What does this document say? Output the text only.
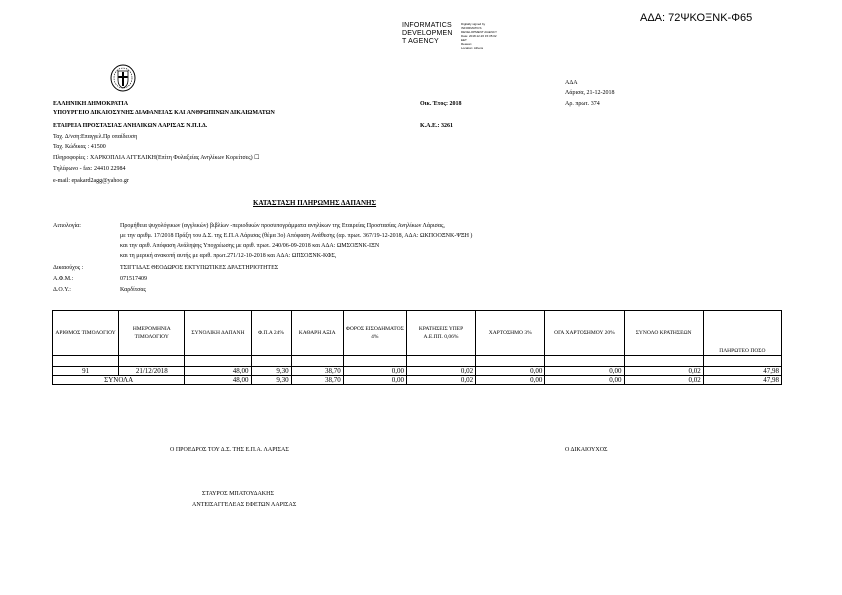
ΑΔΑ: 72ΨΚΟΞΝΚ-Φ65
INFORMATICS
DEVELOPMEN
T AGENCY
Digitally signed by
INFORMATICS
DEVELOPMENT AGENCY
Date: 2018.12.26 15:35:02
EET
Reason:
Location: Athens
ΕΛΛΗΝΙΚΗ ΔΗΜΟΚΡΑΤΙΑ
ΥΠΟΥΡΓΕΙΟ ΔΙΚΑΙΟΣΥΝΗΣ ΔΙΑΦΑΝΕΙΑΣ ΚΑΙ ΑΝΘΡΩΠΙΝΩΝ ΔΙΚΑΙΩΜΑΤΩΝ
ΕΤΑΙΡΕΙΑ ΠΡΟΣΤΑΣΙΑΣ ΑΝΗΛΙΚΩΝ ΛΑΡΙΣΑΣ Ν.Π.Ι.Δ.
Ταχ. Δ/νση:Επαγγελ.Πρ οπαίδευση
Ταχ. Κώδικας : 41500
Πληροφορίες : ΧΑΡΚΟΠΛΙΑ ΑΓΓΕΛΙΚΗ(Επίτη Φυλαξείας Ανηλίκων Κορείτσες) ☐
Τηλέφωνο - fax: 24410 22984
e-mail: epakard2agg@yahoo.gr
Οικ. Έτος: 2018
Κ.Α.Ε.: 3261
ΑΔΑ
Λάρισα, 21-12-2018
Αρ. πρωτ. 374
ΚΑΤΑΣΤΑΣΗ ΠΛΗΡΩΜΗΣ ΔΑΠΑΝΗΣ
Αιτιολογία:	Προμήθεια ψυχολόγικων (αγγλικών) βιβλίων -περιοδικών προσυπογράμματα ανηλίκων της Εταιρείας Προστασίας Ανηλίκων Λάρισας,
με την αριθμ. 17/2018 Πράξη του Δ.Σ. της Ε.Π.Α Λάρισας (θέμα 3ο) Απόφαση Ανάθεσης (αρ. πρωτ. 367/19-12-2018, ΑΔΑ: ΩΚΠΟΟΞΝΚ-ΨΞΗ )
και την αριθ. Απόφαση Ανάληψης Υποχρέωσης με αριθ. πρωτ. 240/06-09-2018 και ΑΔΑ: ΩΜΣΟΞΝΚ-ΙΞΝ
και τη μερική ανακοπή αυτής με αριθ. πρωτ.271/12-10-2018 και ΑΔΑ: ΩΠΣΟΞΝΚ-ΚΦΣ,
Δικαιούχος :	ΤΣΙΓΓΙΔΑΣ ΘΕΟΔΩΡΟΣ ΕΚΤΥΠΩΤΙΚΕΣ ΔΡΑΣΤΗΡΙΟΤΗΤΕΣ
Α.Φ.Μ.:	071517409
Δ.Ο.Υ.:	Καρδίτσας
ΑΡΙΘΜΟΣ ΤΙΜΟΛΟΓΙΟΥ	ΗΜΕΡΟΜΗΝΙΑ ΤΙΜΟΛΟΓΙΟΥ	ΣΥΝΟΛΙΚΗ ΔΑΠΑΝΗ	Φ.Π.Α 24%	ΚΑΘΑΡΗ ΑΞΙΑ	ΦΟΡΟΣ ΕΙΣΟΔΗΜΑΤΟΣ 4%	ΚΡΑΤΗΣΕΙΣ ΥΠΕΡ Α.Ε.ΠΠ. 0,06%	ΧΑΡΤΟΣΗΜΟ 3%	ΟΓΑ ΧΑΡΤΟΣΗΜΟΥ 20%	ΣΥΝΟΛΟ ΚΡΑΤΗΣΕΩΝ	ΠΛΗΡΩΤΕΟ ΠΟΣΟ

91	21/12/2018	48,00	9,30	38,70	0,00	0,02	0,00	0,00	0,02	47,98
ΣΥΝΟΛΑ		48,00	9,30	38,70	0,00	0,02	0,00	0,00	0,02	47,98
Ο ΠΡΟΕΔΡΟΣ ΤΟΥ Δ.Σ. ΤΗΣ Ε.Π.Α. ΛΑΡΙΣΑΣ	Ο ΔΙΚΑΙΟΥΧΟΣ
ΣΤΑΥΡΟΣ ΜΠΑΤΟΥΔΑΚΗΣ
ΑΝΤΕΙΣΑΓΓΕΛΕΑΣ ΕΦΕΤΩΝ ΛΑΡΙΣΑΣ
